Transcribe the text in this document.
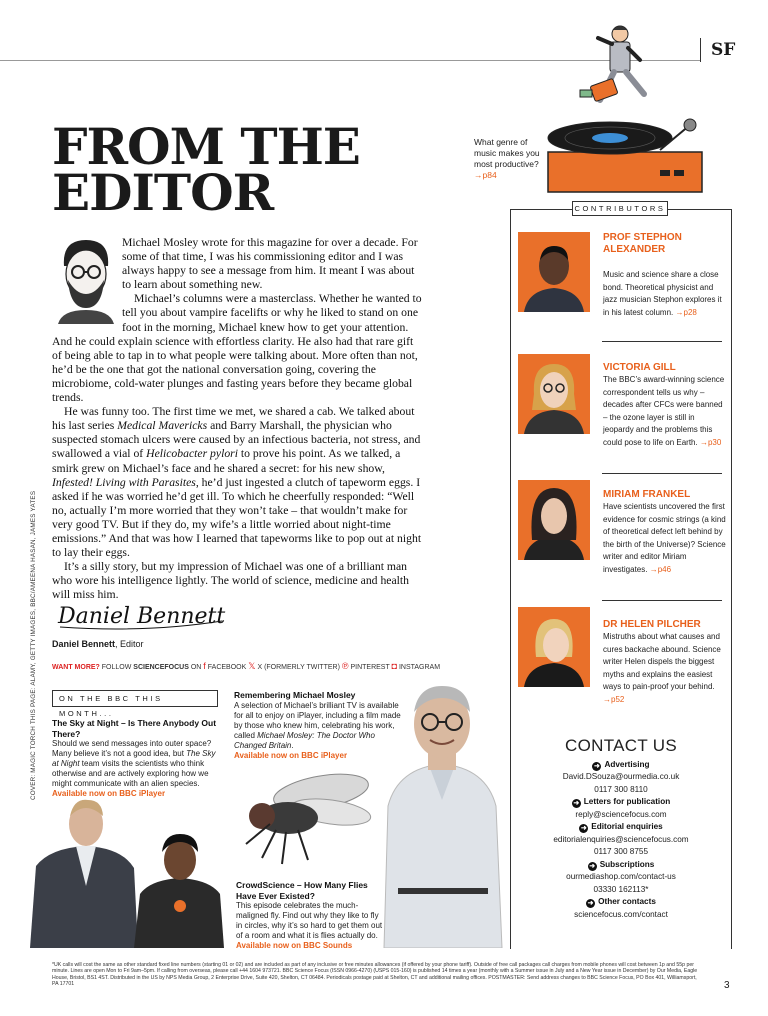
SF
FROM THE
EDITOR
What genre of music makes you most productive?
→p84

Michael Mosley wrote for this magazine for over a decade. For some of that time, I was his commissioning editor and I was always happy to see a message from him. It meant I was about to learn about something new.

Michael’s columns were a masterclass. Whether he wanted to tell you about vampire facelifts or why he liked to stand on one foot in the morning, Michael knew how to get your attention. And he could explain science with effortless clarity. He also had that rare gift of being able to tap in to what people were talking about. More often than not, he’d be the one that got the national conversation going, covering the microbiome, cold-water plunges and fasting years before they became global trends.

He was funny too. The first time we met, we shared a cab. We talked about his last series Medical Mavericks and Barry Marshall, the physician who suspected stomach ulcers were caused by an infectious bacteria, not stress, and swallowed a vial of Helicobacter pylori to prove his point. As we talked, a smirk grew on Michael’s face and he shared a secret: for his new show, Infested! Living with Parasites, he’d just ingested a clutch of tapeworm eggs. I asked if he was worried he’d get ill. To which he cheerfully responded: “Well no, actually I’m more worried that they won’t take – that wouldn’t make for very good TV. But if they do, my wife’s a little worried about night-time emissions.” And that was how I learned that tapeworms like to pop out at night to lay their eggs.

It’s a silly story, but my impression of Michael was one of a brilliant man who wore his intelligence lightly. The world of science, medicine and health will miss him.

Daniel Bennett
Daniel Bennett, Editor
WANT MORE? FOLLOW SCIENCEFOCUS ON f FACEBOOK 𝕏 X (FORMERLY TWITTER) ℗ PINTEREST ◘ INSTAGRAM
COVER: MAGIC TORCH THIS PAGE: ALAMY, GETTY IMAGES, BBC/AMEENA HASAN, JAMES YATES	ON THE BBC THIS MONTH...
The Sky at Night – Is There Anybody Out There?
Should we send messages into outer space? Many believe it’s not a good idea, but The Sky at Night team visits the scientists who think otherwise and are actively exploring how we might communicate with an alien species.
Available now on BBC iPlayer
Remembering Michael Mosley
A selection of Michael’s brilliant TV is available for all to enjoy on iPlayer, including a film made by those who knew him, celebrating his work, called Michael Mosley: The Doctor Who Changed Britain.
Available now on BBC iPlayer
CrowdScience – How Many Flies Have Ever Existed?
This episode celebrates the much-maligned fly. Find out why they like to fly in circles, why it’s so hard to get them out of a room and what it is flies actually do.
Available now on BBC Sounds
CONTRIBUTORS
PROF STEPHON ALEXANDER
Music and science share a close bond. Theoretical physicist and jazz musician Stephon explores it in his latest column. →p28
VICTORIA GILL
The BBC’s award-winning science correspondent tells us why – decades after CFCs were banned – the ozone layer is still in jeopardy and the problems this could pose to life on Earth. →p30
MIRIAM FRANKEL
Have scientists uncovered the first evidence for cosmic strings (a kind of theoretical defect left behind by the birth of the Universe)? Science writer and editor Miriam investigates. →p46
DR HELEN PILCHER
Mistruths about what causes and cures backache abound. Science writer Helen dispels the biggest myths and explains the easiest ways to pain-proof your behind. →p52
CONTACT US
➜ Advertising
David.DSouza@ourmedia.co.uk
0117 300 8110
➜ Letters for publication
reply@sciencefocus.com
➜ Editorial enquiries
editorialenquiries@sciencefocus.com
0117 300 8755
➜ Subscriptions
ourmediashop.com/contact-us
03330 162113*
➜ Other contacts
sciencefocus.com/contact
*UK calls will cost the same as other standard fixed line numbers (starting 01 or 02) and are included as part of any inclusive or free minutes allowances (if offered by your phone tariff). Outside of free call packages call charges from mobile phones will cost between 1p and 55p per minute. Lines are open Mon to Fri 9am–5pm. If calling from overseas, please call +44 1604 973721. BBC Science Focus (ISSN 0966-4270) (USPS 015-160) is published 14 times a year (monthly with a Summer issue in July and a New Year issue in December) by Our Media, Eagle House, Bristol, BS1 4ST. Distributed in the US by NPS Media Group, 2 Enterprise Drive, Suite 420, Shelton, CT 06484. Periodicals postage paid at Shelton, CT and additional mailing offices. POSTMASTER: Send address changes to BBC Science Focus, PO Box 401, Williamsport, PA 17701	3
